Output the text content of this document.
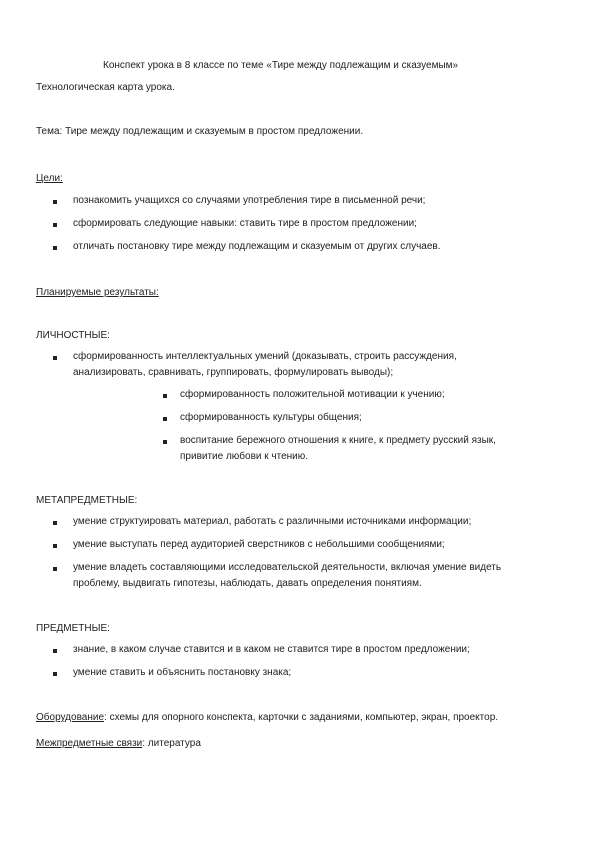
Конспект урока в 8 классе по теме «Тире между подлежащим и сказуемым»
Технологическая карта урока.
Тема: Тире между подлежащим и сказуемым в простом предложении.
Цели:
познакомить учащихся со случаями употребления тире в письменной речи;
сформировать следующие навыки: ставить тире в простом предложении;
отличать постановку тире между подлежащим и сказуемым от других случаев.
Планируемые результаты:
ЛИЧНОСТНЫЕ:
сформированность интеллектуальных умений (доказывать, строить рассуждения,
анализировать, сравнивать, группировать, формулировать выводы);
сформированность положительной мотивации к учению;
сформированность культуры общения;
воспитание бережного отношения к книге, к предмету русский язык,
привитие любови к чтению.
МЕТАПРЕДМЕТНЫЕ:
умение структуировать материал, работать с различными источниками информации;
умение выступать перед аудиторией сверстников с небольшими сообщениями;
умение владеть составляющими исследовательской деятельности, включая умение видеть
проблему, выдвигать гипотезы, наблюдать, давать определения понятиям.
ПРЕДМЕТНЫЕ:
знание, в каком случае ставится и в каком не ставится тире в простом предложении;
умение ставить и объяснить постановку знака;
Оборудование: схемы для опорного конспекта, карточки с заданиями, компьютер, экран, проектор.
Межпредметные связи: литература
